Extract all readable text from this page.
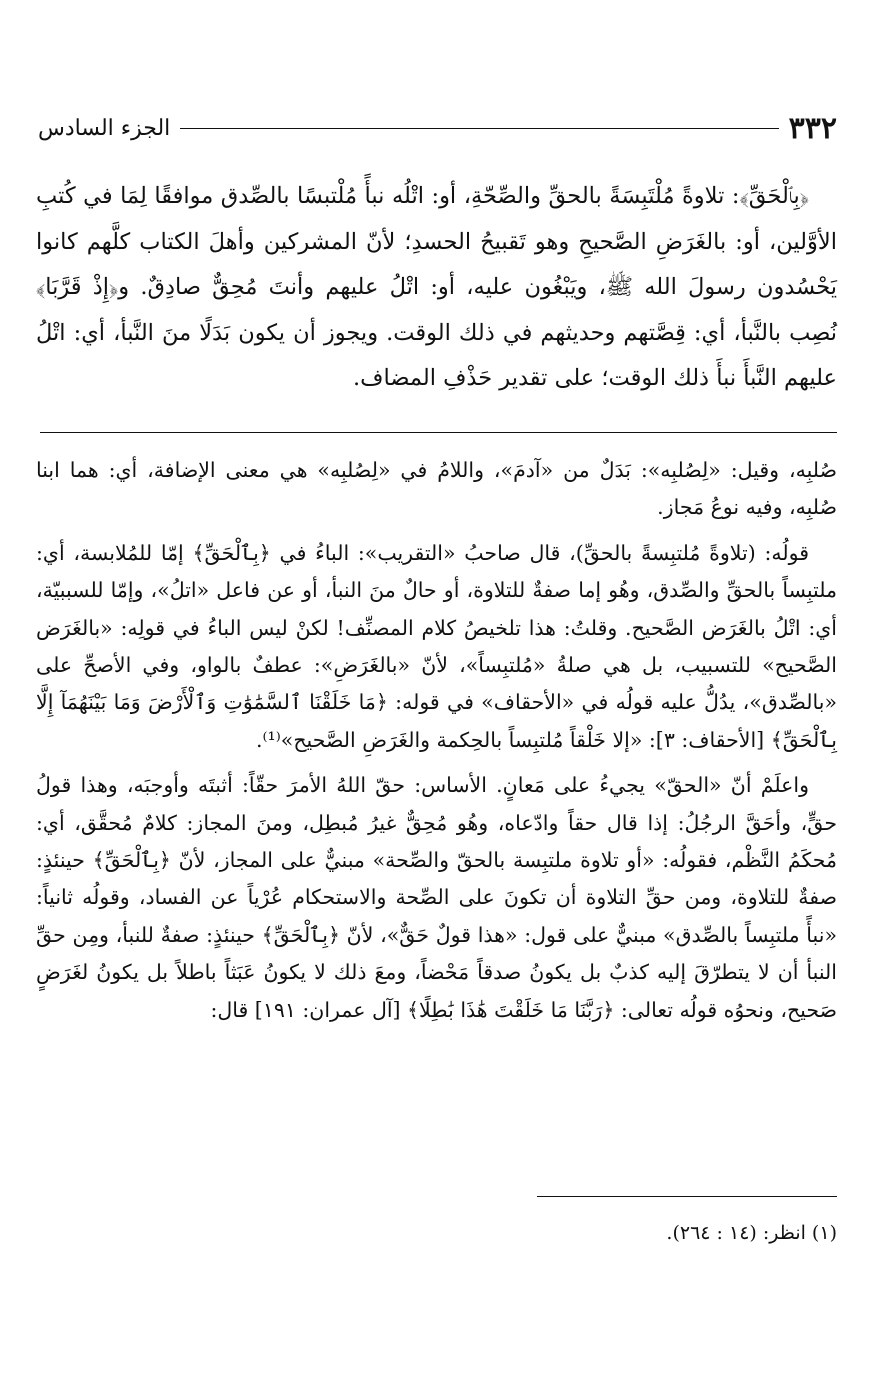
٣٣٢
الجزء السادس

﴿بِٱلْحَقِّ﴾: تلاوةً مُلْتَبِسَةً بالحقِّ والصِّحّةِ، أو: اتْلُه نبأً مُلْتبسًا بالصِّدق موافقًا لِمَا في كُتبِ الأوَّلين، أو: بالغَرَضِ الصَّحيحِ وهو تَقبيحُ الحسدِ؛ لأنّ المشركين وأهلَ الكتاب كلَّهم كانوا يَحْسُدون رسولَ الله ﷺ، ويَبْغُون عليه، أو: اتْلُ عليهم وأنتَ مُحِقٌّ صادِقٌ. و﴿إِذْ قَرَّبَا﴾ نُصِب بالنَّبأ، أي: قِصَّتهم وحديثهم في ذلك الوقت. ويجوز أن يكون بَدَلًا منَ النَّبأ، أي: اتْلُ عليهم النَّبأَ نبأَ ذلك الوقت؛ على تقدير حَذْفِ المضاف.

صُلبِه، وقيل: «لِصُلبِه»: بَدَلٌ من «آدمَ»، واللامُ في «لِصُلبِه» هي معنى الإضافة، أي: هما ابنا صُلبِه، وفيه نوعُ مَجاز.

قولُه: (تلاوةً مُلتبِسةً بالحقِّ)، قال صاحبُ «التقريب»: الباءُ في ﴿بِٱلْحَقِّ﴾ إمّا للمُلابسة، أي: ملتبِساً بالحقِّ والصِّدق، وهُو إما صفةٌ للتلاوة، أو حالٌ منَ النبأ، أو عن فاعل «اتلُ»، وإمّا للسببيّة، أي: اتْلُ بالغَرَض الصَّحيح. وقلتُ: هذا تلخيصُ كلام المصنِّف! لكنْ ليس الباءُ في قولِه: «بالغَرَض الصَّحيح» للتسبيب، بل هي صلةُ «مُلتبِساً»، لأنّ «بالغَرَضِ»: عطفٌ بالواو، وفي الأصحِّ على «بالصِّدق»، يدُلُّ عليه قولُه في «الأحقاف» في قوله: ﴿مَا خَلَقْنَا ٱلسَّمَٰوَٰتِ وَٱلْأَرْضَ وَمَا بَيْنَهُمَآ إِلَّا بِٱلْحَقِّ﴾ [الأحقاف: ٣]: «إلا خَلْقاً مُلتبِساً بالحِكمة والغَرَضِ الصَّحيح»⁽¹⁾.

واعلَمْ أنّ «الحقّ» يجيءُ على مَعانٍ. الأساس: حقّ اللهُ الأمرَ حقّاً: أثبتَه وأوجبَه، وهذا قولُ حقٍّ، وأحَقَّ الرجُلُ: إذا قال حقاً وادّعاه، وهُو مُحِقٌّ غيرُ مُبطِل، ومنَ المجاز: كلامٌ مُحقَّق، أي: مُحكَمُ النَّظْم، فقولُه: «أو تلاوة ملتبِسة بالحقّ والصِّحة» مبنيٌّ على المجاز، لأنّ ﴿بِٱلْحَقِّ﴾ حينئذٍ: صفةٌ للتلاوة، ومن حقِّ التلاوة أن تكونَ على الصِّحة والاستحكام عُرْياً عن الفساد، وقولُه ثانياً: «نبأً ملتبِساً بالصِّدق» مبنيٌّ على قول: «هذا قولٌ حَقٌّ»، لأنّ ﴿بِٱلْحَقِّ﴾ حينئذٍ: صفةٌ للنبأ، ومِن حقِّ النبأ أن لا يتطرّقَ إليه كذبٌ بل يكونُ صدقاً مَحْضاً، ومعَ ذلك لا يكونُ عَبَثاً باطلاً بل يكونُ لغَرَضٍ صَحيح، ونحوُه قولُه تعالى: ﴿رَبَّنَا مَا خَلَقْتَ هَٰذَا بَٰطِلًا﴾ [آل عمران: ١٩١] قال:

(١) انظر: (١٤ : ٢٦٤).
